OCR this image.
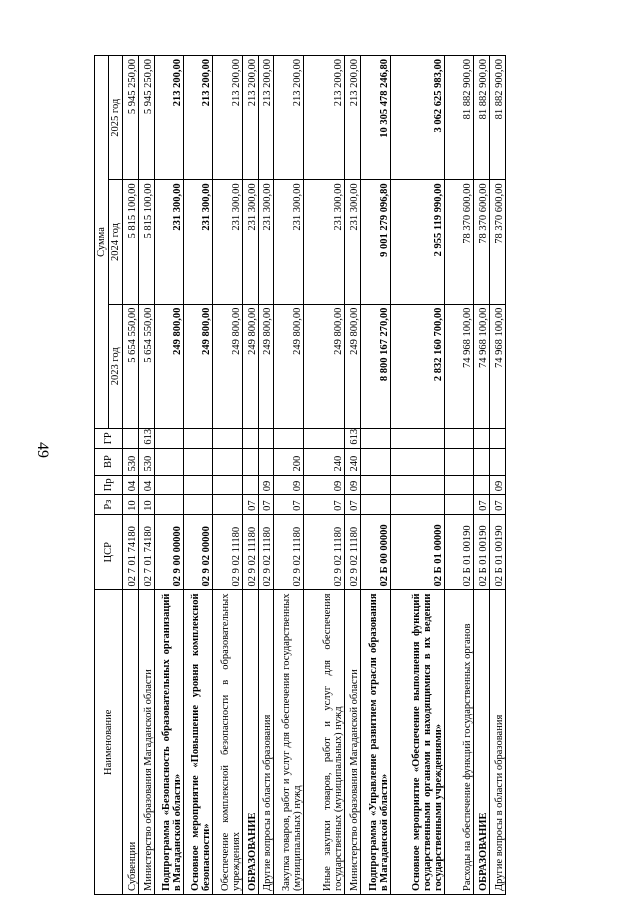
49
Наименование	ЦСР	Рз	Пр	ВР	ГР	Сумма		
						2023 год	2024 год	2025 год
Субвенции	02 7 01 74180	10	04	530		5 654 550,00	5 815 100,00	5 945 250,00
Министерство образования Магаданской области	02 7 01 74180	10	04	530	613	5 654 550,00	5 815 100,00	5 945 250,00
Подпрограмма «Безопасность образовательных организаций в Магаданской области»	02 9 00 00000					249 800,00	231 300,00	213 200,00
Основное мероприятие «Повышение уровня комплексной безопасности»	02 9 02 00000					249 800,00	231 300,00	213 200,00
Обеспечение комплексной безопасности в образовательных учреждениях	02 9 02 11180					249 800,00	231 300,00	213 200,00
ОБРАЗОВАНИЕ	02 9 02 11180	07				249 800,00	231 300,00	213 200,00
Другие вопросы в области образования	02 9 02 11180	07	09			249 800,00	231 300,00	213 200,00
Закупка товаров, работ и услуг для обеспечения государственных (муниципальных) нужд	02 9 02 11180	07	09	200		249 800,00	231 300,00	213 200,00
Иные закупки товаров, работ и услуг для обеспечения государственных (муниципальных) нужд	02 9 02 11180	07	09	240		249 800,00	231 300,00	213 200,00
Министерство образования Магаданской области	02 9 02 11180	07	09	240	613	249 800,00	231 300,00	213 200,00
Подпрограмма «Управление развитием отрасли образования в Магаданской области»	02 Б 00 00000					8 800 167 270,00	9 001 279 096,80	10 305 478 246,80
Основное мероприятие «Обеспечение выполнения функций государственными органами и находящимися в их ведении государственными учреждениями»	02 Б 01 00000					2 832 160 700,00	2 955 119 990,00	3 062 625 983,00
Расходы на обеспечение функций государственных органов	02 Б 01 00190					74 968 100,00	78 370 600,00	81 882 900,00
ОБРАЗОВАНИЕ	02 Б 01 00190	07				74 968 100,00	78 370 600,00	81 882 900,00
Другие вопросы в области образования	02 Б 01 00190	07	09			74 968 100,00	78 370 600,00	81 882 900,00
